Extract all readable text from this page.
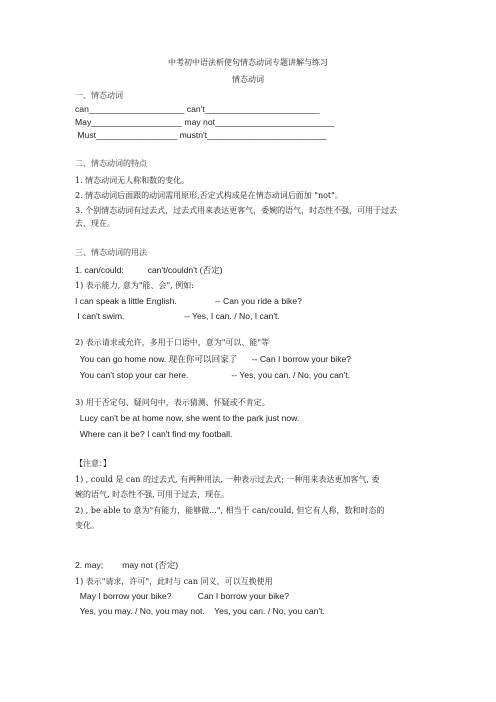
中考初中语法析使句情态动词专题讲解与练习
情态动词
一、情态动词
can____________________ can't________________________
May___________________ may not_________________________
Must_________________ mustn't_________________________
二、情态动词的特点
1. 情态动词无人称和数的变化。
2. 情态动词后面跟的动词需用原形,否定式构成是在情态动词后面加 "not"。
3. 个别情态动词有过去式，过去式用来表达更客气，委婉的语气，时态性不强，可用于过去
去、现在。
三、情态动词的用法
1. can/could:          can't/couldn't (否定)
1) 表示能力, 意为"能、会", 例如:
I can speak a little English.                -- Can you ride a bike?
I can't swim.                         -- Yes, I can. / No, I can't.
2) 表示请求或允许，多用于口语中，意为"可以、能"等
You can go home now. 现在你可以回家了      -- Can I borrow your bike?
You can't stop your car here.                  -- Yes, you can. / No, you can't.
3) 用于否定句、疑问句中，表示猜测、怀疑或不肯定。
Lucy can't be at home now, she went to the park just now.
Where can it be? I can't find my football.
【注意：】
1) , could 是 can 的过去式, 有两种用法, 一种表示过去式; 一种用来表达更加客气, 委
婉的语气, 时态性不强, 可用于过去，现在。
2) , be able to 意为"有能力，能够做...", 相当于 can/could, 但它有人称，数和时态的
变化。
2. may;        may not (否定)
1) 表示"请求，许可"，此时与 can 同义，可以互换使用
May I borrow your bike?           Can I borrow your bike?
Yes, you may. / No, you may not.    Yes, you can. / No, you can't.
